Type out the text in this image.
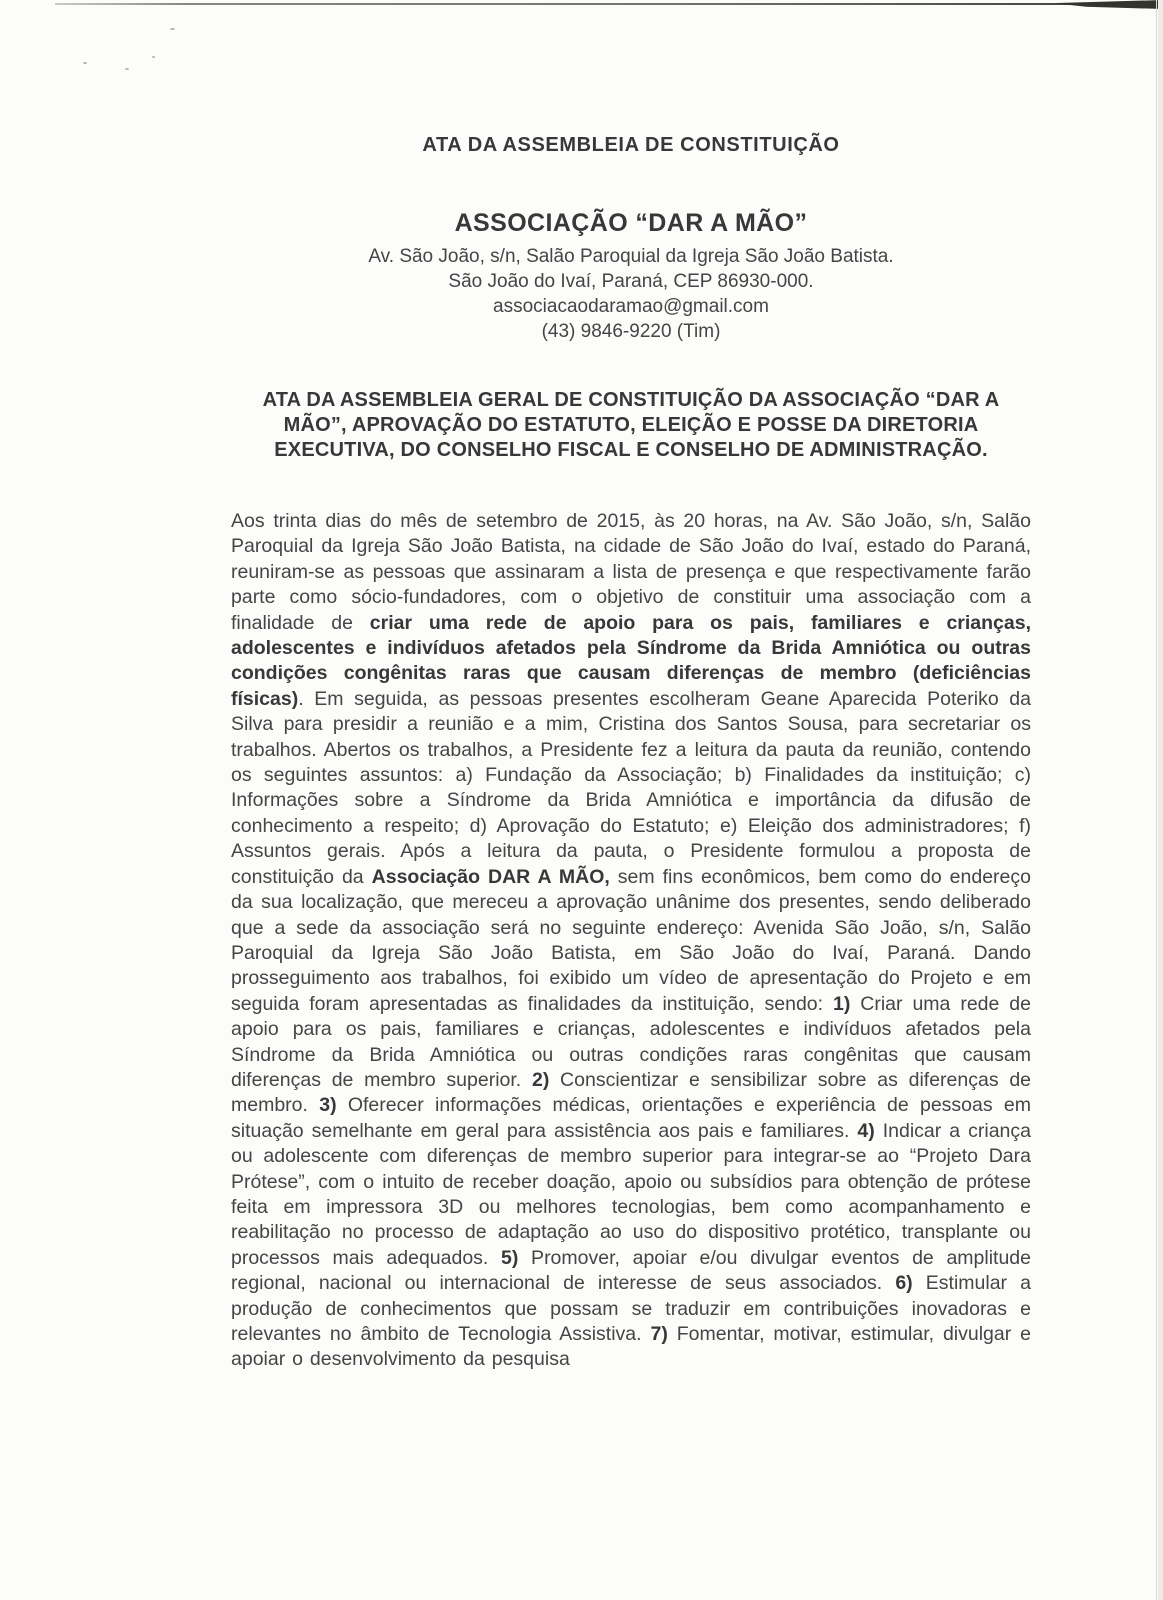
ATA DA ASSEMBLEIA DE CONSTITUIÇÃO
ASSOCIAÇÃO “DAR A MÃO”

Av. São João, s/n, Salão Paroquial da Igreja São João Batista.

São João do Ivaí, Paraná, CEP 86930-000.

associacaodaramao@gmail.com

(43) 9846-9220 (Tim)

ATA DA ASSEMBLEIA GERAL DE CONSTITUIÇÃO DA ASSOCIAÇÃO “DAR A MÃO”, APROVAÇÃO DO ESTATUTO, ELEIÇÃO E POSSE DA DIRETORIA EXECUTIVA, DO CONSELHO FISCAL E CONSELHO DE ADMINISTRAÇÃO.

Aos trinta dias do mês de setembro de 2015, às 20 horas, na Av. São João, s/n, Salão Paroquial da Igreja São João Batista, na cidade de São João do Ivaí, estado do Paraná, reuniram-se as pessoas que assinaram a lista de presença e que respectivamente farão parte como sócio-fundadores, com o objetivo de constituir uma associação com a finalidade de criar uma rede de apoio para os pais, familiares e crianças, adolescentes e indivíduos afetados pela Síndrome da Brida Amniótica ou outras condições congênitas raras que causam diferenças de membro (deficiências físicas). Em seguida, as pessoas presentes escolheram Geane Aparecida Poteriko da Silva para presidir a reunião e a mim, Cristina dos Santos Sousa, para secretariar os trabalhos. Abertos os trabalhos, a Presidente fez a leitura da pauta da reunião, contendo os seguintes assuntos: a) Fundação da Associação; b) Finalidades da instituição; c) Informações sobre a Síndrome da Brida Amniótica e importância da difusão de conhecimento a respeito; d) Aprovação do Estatuto; e) Eleição dos administradores; f) Assuntos gerais. Após a leitura da pauta, o Presidente formulou a proposta de constituição da Associação DAR A MÃO, sem fins econômicos, bem como do endereço da sua localização, que mereceu a aprovação unânime dos presentes, sendo deliberado que a sede da associação será no seguinte endereço: Avenida São João, s/n, Salão Paroquial da Igreja São João Batista, em São João do Ivaí, Paraná. Dando prosseguimento aos trabalhos, foi exibido um vídeo de apresentação do Projeto e em seguida foram apresentadas as finalidades da instituição, sendo: 1) Criar uma rede de apoio para os pais, familiares e crianças, adolescentes e indivíduos afetados pela Síndrome da Brida Amniótica ou outras condições raras congênitas que causam diferenças de membro superior. 2) Conscientizar e sensibilizar sobre as diferenças de membro. 3) Oferecer informações médicas, orientações e experiência de pessoas em situação semelhante em geral para assistência aos pais e familiares. 4) Indicar a criança ou adolescente com diferenças de membro superior para integrar-se ao “Projeto Dara Prótese”, com o intuito de receber doação, apoio ou subsídios para obtenção de prótese feita em impressora 3D ou melhores tecnologias, bem como acompanhamento e reabilitação no processo de adaptação ao uso do dispositivo protético, transplante ou processos mais adequados. 5) Promover, apoiar e/ou divulgar eventos de amplitude regional, nacional ou internacional de interesse de seus associados. 6) Estimular a produção de conhecimentos que possam se traduzir em contribuições inovadoras e relevantes no âmbito de Tecnologia Assistiva. 7) Fomentar, motivar, estimular, divulgar e apoiar o desenvolvimento da pesquisa
